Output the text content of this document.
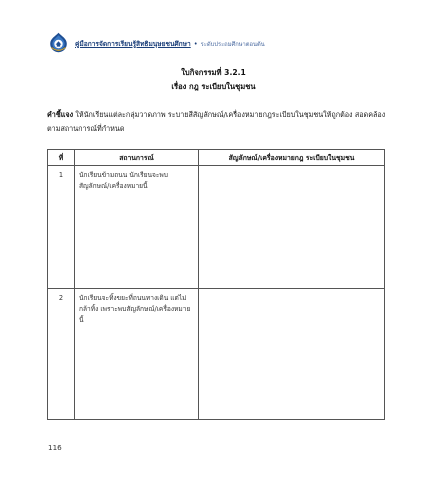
คู่มือการจัดการเรียนรู้สิทธิมนุษยชนศึกษา • ระดับประถมศึกษาตอนต้น
ใบกิจกรรมที่ 3.2.1
เรื่อง กฎ ระเบียบในชุมชน
คำชี้แจง ให้นักเรียนแต่ละกลุ่มวาดภาพ ระบายสีสัญลักษณ์/เครื่องหมายกฎระเบียบในชุมชนให้ถูกต้อง สอดคล้องตามสถานการณ์ที่กำหนด
ที่	สถานการณ์	สัญลักษณ์/เครื่องหมายกฎ ระเบียบในชุมชน
1	นักเรียนข้ามถนน นักเรียนจะพบสัญลักษณ์/เครื่องหมายนี้	
2	นักเรียนจะทิ้งขยะที่ถนนทางเดิน แต่ไม่กล้าทิ้ง เพราะพบสัญลักษณ์/เครื่องหมายนี้	
116
